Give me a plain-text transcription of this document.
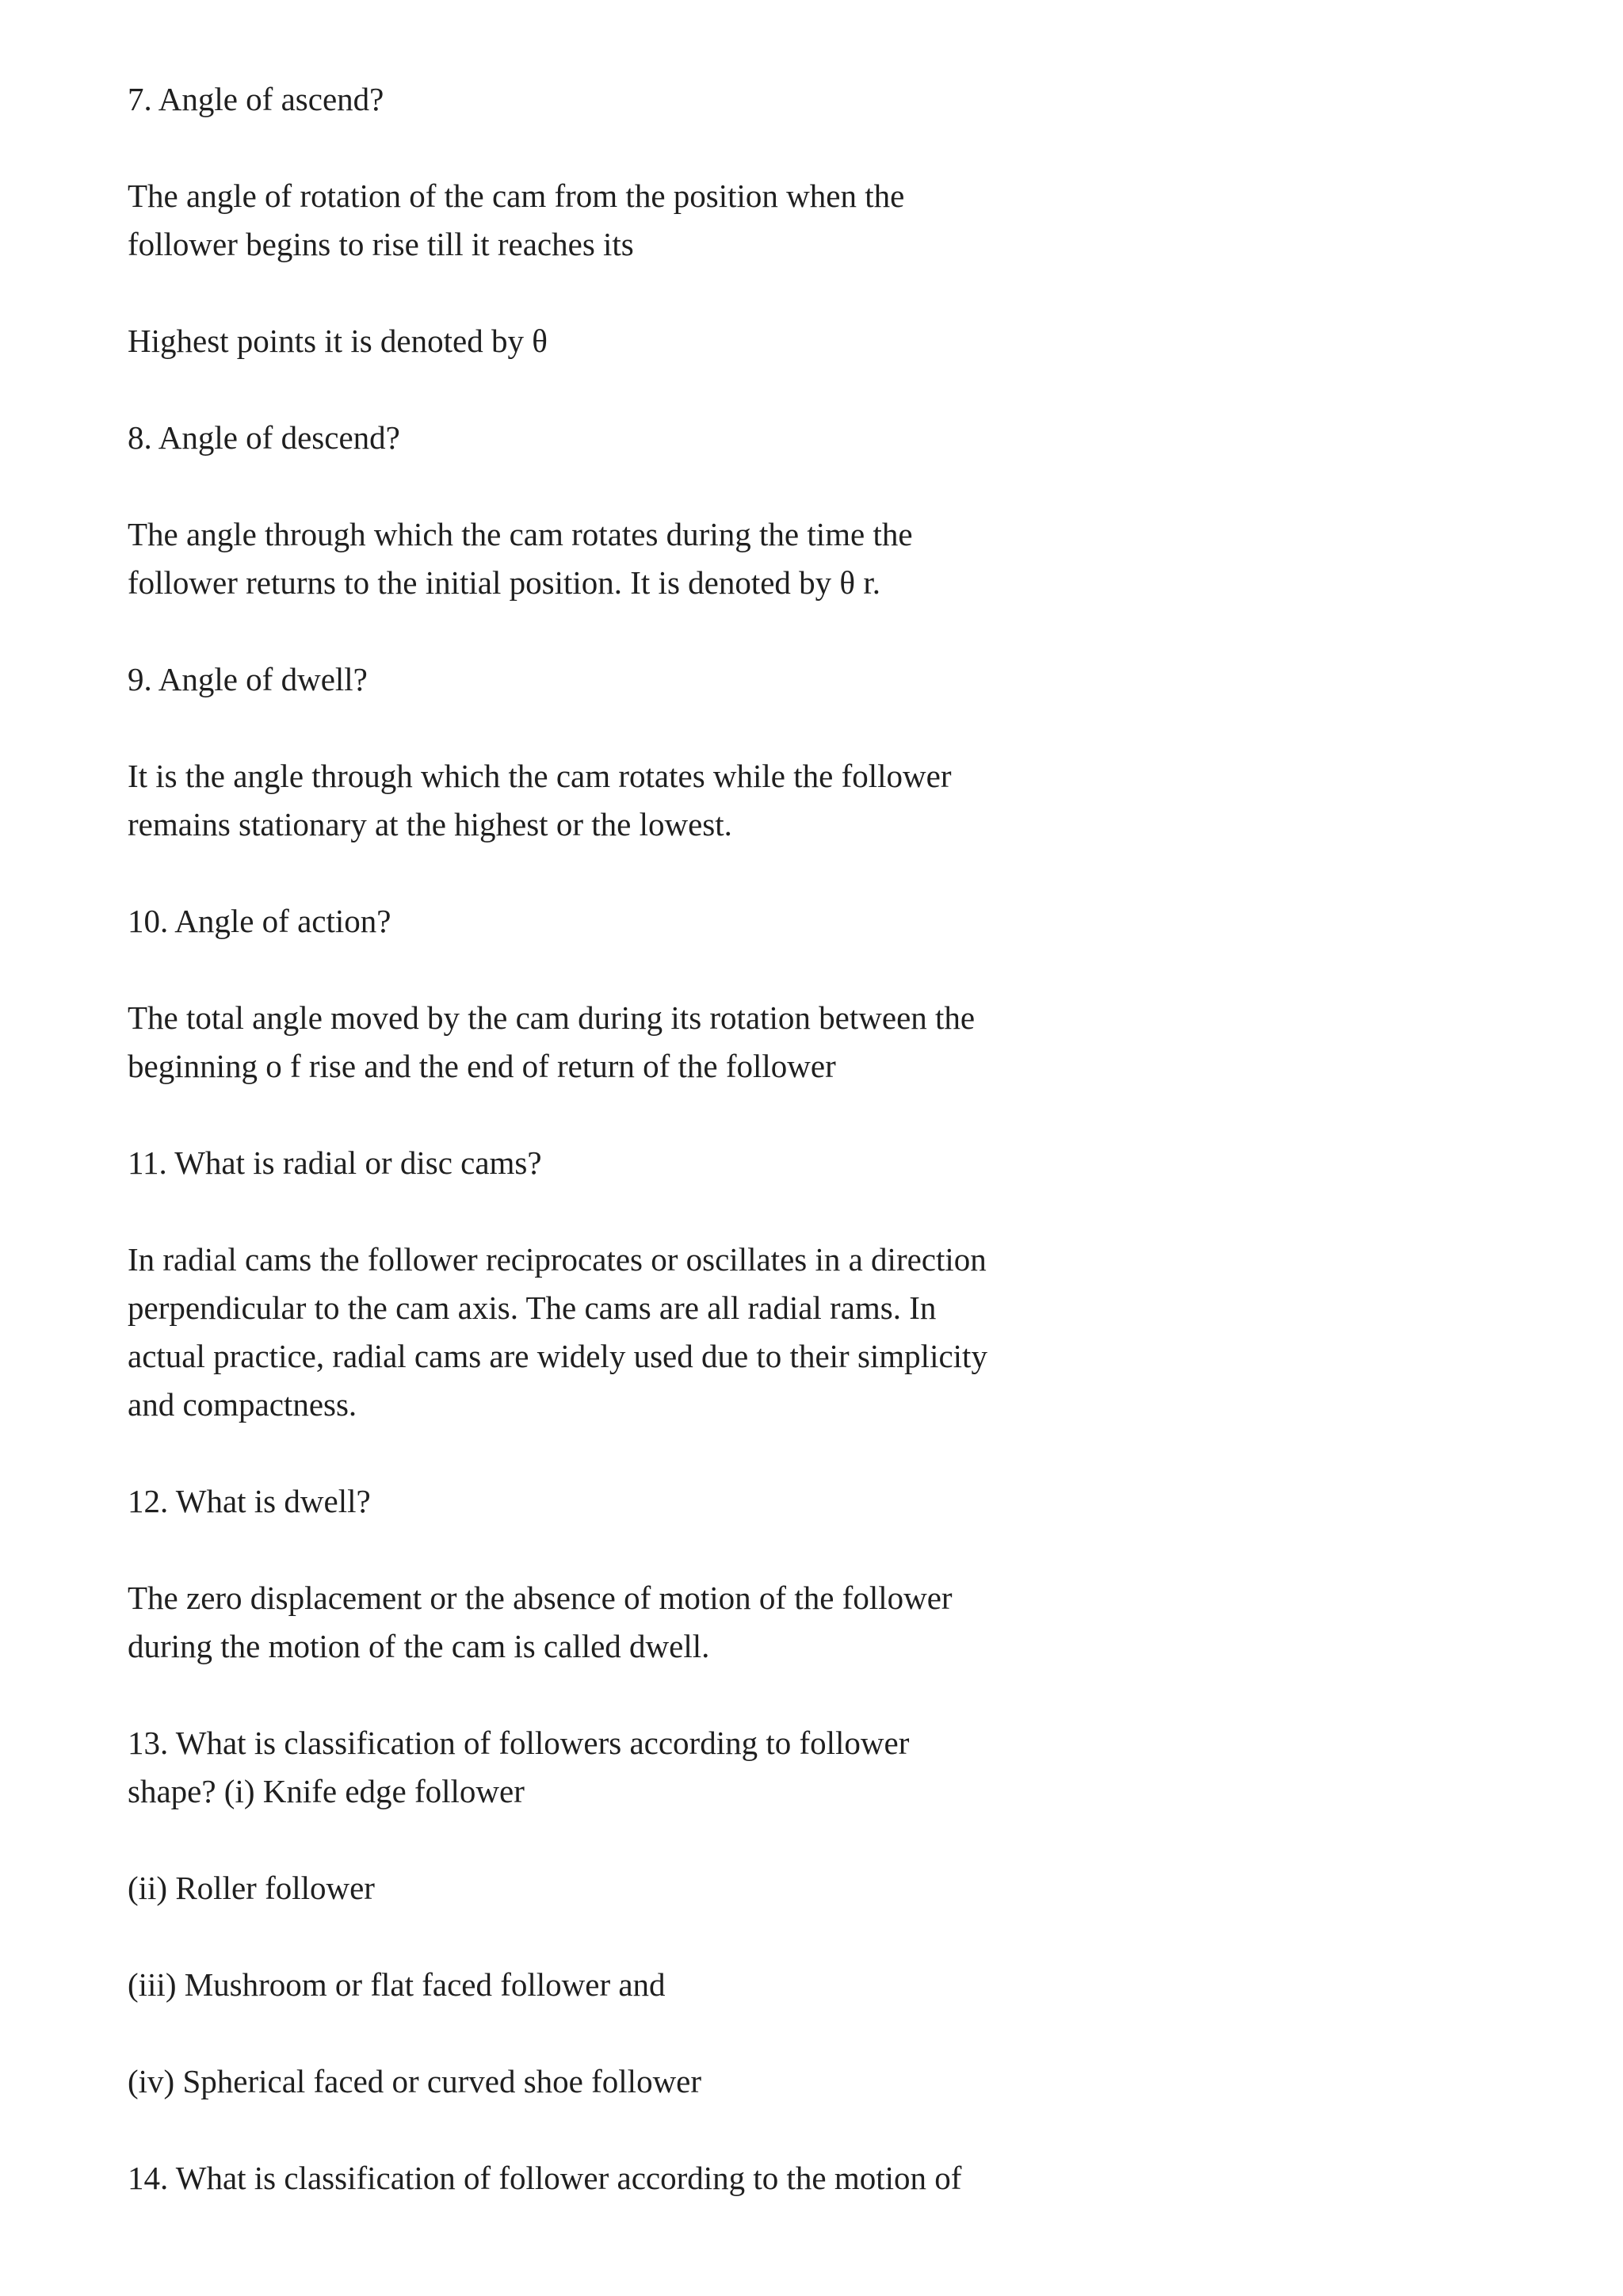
7. Angle of ascend?

The angle of rotation of the cam from the position when the
follower begins to rise till it reaches its

Highest points it is denoted by θ

8. Angle of descend?

The angle through which the cam rotates during the time the
follower returns to the initial position. It is denoted by θ r.

9. Angle of dwell?

It is the angle through which the cam rotates while the follower
remains stationary at the highest or the lowest.

10. Angle of action?

The total angle moved by the cam during its rotation between the
beginning o f rise and the end of return of the follower

11. What is radial or disc cams?

In radial cams the follower reciprocates or oscillates in a direction
perpendicular to the cam axis. The cams are all radial rams. In
actual practice, radial cams are widely used due to their simplicity
and compactness.

12. What is dwell?

The zero displacement or the absence of motion of the follower
during the motion of the cam is called dwell.

13. What is classification of followers according to follower
shape? (i) Knife edge follower

(ii) Roller follower

(iii) Mushroom or flat faced follower and

(iv) Spherical faced or curved shoe follower

14. What is classification of follower according to the motion of
